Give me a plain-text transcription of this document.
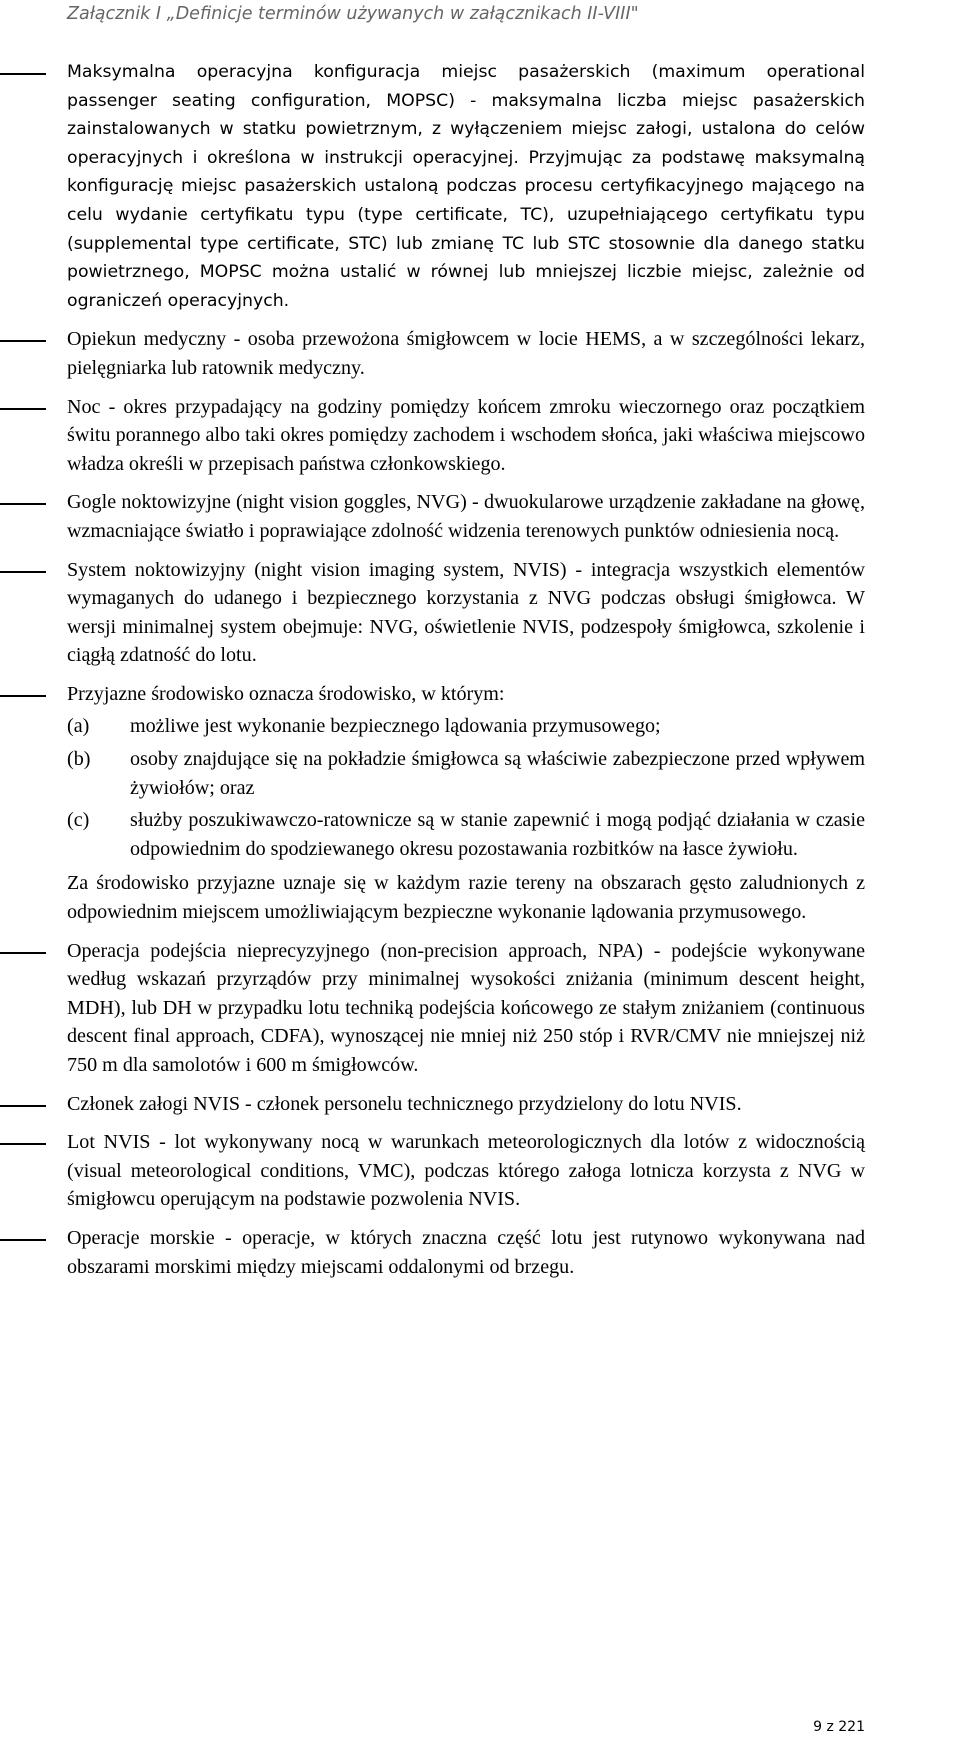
Załącznik I „Definicje terminów używanych w załącznikach II-VIII"

Maksymalna operacyjna konfiguracja miejsc pasażerskich (maximum operational passenger seating configuration, MOPSC) - maksymalna liczba miejsc pasażerskich zainstalowanych w statku powietrznym, z wyłączeniem miejsc załogi, ustalona do celów operacyjnych i określona w instrukcji operacyjnej. Przyjmując za podstawę maksymalną konfigurację miejsc pasażerskich ustaloną podczas procesu certyfikacyjnego mającego na celu wydanie certyfikatu typu (type certificate, TC), uzupełniającego certyfikatu typu (supplemental type certificate, STC) lub zmianę TC lub STC stosownie dla danego statku powietrznego, MOPSC można ustalić w równej lub mniejszej liczbie miejsc, zależnie od ograniczeń operacyjnych.

Opiekun medyczny - osoba przewożona śmigłowcem w locie HEMS, a w szczególności lekarz, pielęgniarka lub ratownik medyczny.

Noc - okres przypadający na godziny pomiędzy końcem zmroku wieczornego oraz początkiem świtu porannego albo taki okres pomiędzy zachodem i wschodem słońca, jaki właściwa miejscowo władza określi w przepisach państwa członkowskiego.

Gogle noktowizyjne (night vision goggles, NVG) - dwuokularowe urządzenie zakładane na głowę, wzmacniające światło i poprawiające zdolność widzenia terenowych punktów odniesienia nocą.

System noktowizyjny (night vision imaging system, NVIS) - integracja wszystkich elementów wymaganych do udanego i bezpiecznego korzystania z NVG podczas obsługi śmigłowca. W wersji minimalnej system obejmuje: NVG, oświetlenie NVIS, podzespoły śmigłowca, szkolenie i ciągłą zdatność do lotu.

Przyjazne środowisko oznacza środowisko, w którym:

(a)	możliwe jest wykonanie bezpiecznego lądowania przymusowego;

(b)	osoby znajdujące się na pokładzie śmigłowca są właściwie zabezpieczone przed wpływem żywiołów; oraz

(c)	służby poszukiwawczo-ratownicze są w stanie zapewnić i mogą podjąć działania w czasie odpowiednim do spodziewanego okresu pozostawania rozbitków na łasce żywiołu.

Za środowisko przyjazne uznaje się w każdym razie tereny na obszarach gęsto zaludnionych z odpowiednim miejscem umożliwiającym bezpieczne wykonanie lądowania przymusowego.

Operacja podejścia nieprecyzyjnego (non-precision approach, NPA) - podejście wykonywane według wskazań przyrządów przy minimalnej wysokości zniżania (minimum descent height, MDH), lub DH w przypadku lotu techniką podejścia końcowego ze stałym zniżaniem (continuous descent final approach, CDFA), wynoszącej nie mniej niż 250 stóp i RVR/CMV nie mniejszej niż 750 m dla samolotów i 600 m śmigłowców.

Członek załogi NVIS - członek personelu technicznego przydzielony do lotu NVIS.

Lot NVIS - lot wykonywany nocą w warunkach meteorologicznych dla lotów z widocznością (visual meteorological conditions, VMC), podczas którego załoga lotnicza korzysta z NVG w śmigłowcu operującym na podstawie pozwolenia NVIS.

Operacje morskie - operacje, w których znaczna część lotu jest rutynowo wykonywana nad obszarami morskimi między miejscami oddalonymi od brzegu.

9 z 221
